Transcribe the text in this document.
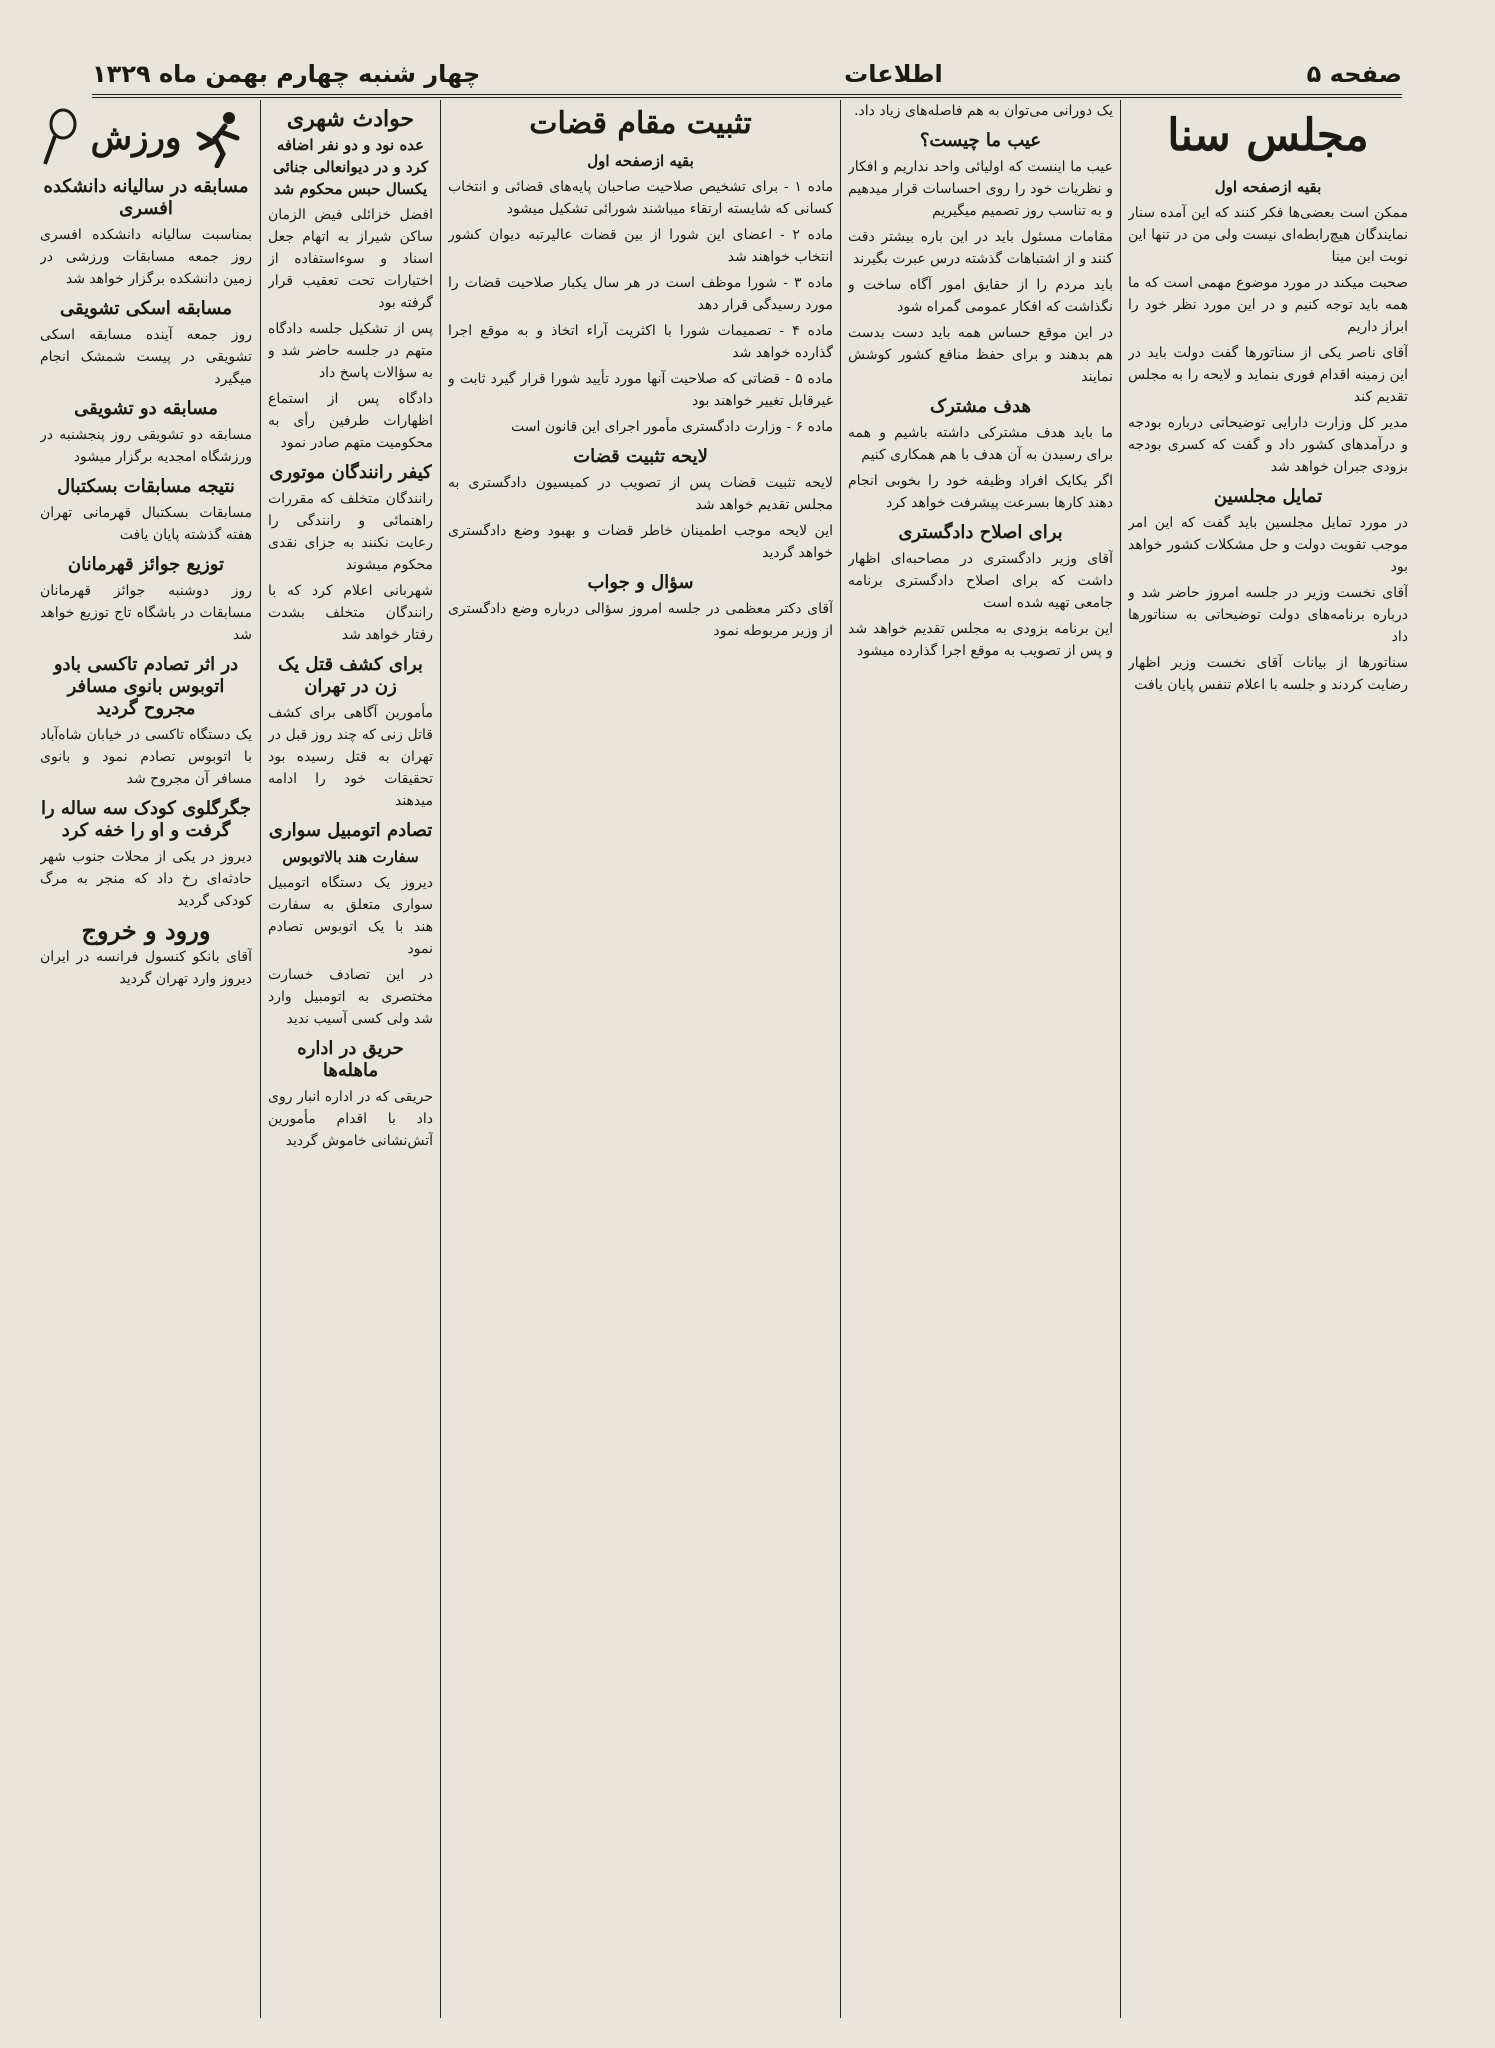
صفحه ۵
اطلاعات
چهار شنبه چهارم بهمن ماه ۱۳۲۹
مجلس سنا
بقیه ازصفحه اول

ممکن است بعضی‌ها فکر کنند که این آمده سنار نمایندگان هیچ‌رابطه‌ای نیست ولی من در تنها این نوبت ابن مینا

صحبت میکند در مورد موضوع مهمی است که ما همه باید توجه کنیم و در این مورد نظر خود را ابراز داریم

آقای ناصر یکی از سناتورها گفت دولت باید در این زمینه اقدام فوری بنماید و لایحه را به مجلس تقدیم کند

مدیر کل وزارت دارایی توضیحاتی درباره بودجه و درآمدهای کشور داد و گفت که کسری بودجه بزودی جبران خواهد شد

تمایل مجلسین

در مورد تمایل مجلسین باید گفت که این امر موجب تقویت دولت و حل مشکلات کشور خواهد بود

آقای نخست وزیر در جلسه امروز حاضر شد و درباره برنامه‌های دولت توضیحاتی به سناتورها داد

سناتورها از بیانات آقای نخست وزیر اظهار رضایت کردند و جلسه با اعلام تنفس پایان یافت

یک دورانی می‌توان به هم فاصله‌های زیاد داد.

عیب ما چیست؟

عیب ما اینست که اولیائی واحد نداریم و افکار و نظریات خود را روی احساسات قرار میدهیم و به تناسب روز تصمیم میگیریم

مقامات مسئول باید در این باره بیشتر دقت کنند و از اشتباهات گذشته درس عبرت بگیرند

باید مردم را از حقایق امور آگاه ساخت و نگذاشت که افکار عمومی گمراه شود

در این موقع حساس همه باید دست بدست هم بدهند و برای حفظ منافع کشور کوشش نمایند

هدف مشترک

ما باید هدف مشترکی داشته باشیم و همه برای رسیدن به آن هدف با هم همکاری کنیم

اگر یکایک افراد وظیفه خود را بخوبی انجام دهند کارها بسرعت پیشرفت خواهد کرد

برای اصلاح دادگستری

آقای وزیر دادگستری در مصاحبه‌ای اظهار داشت که برای اصلاح دادگستری برنامه جامعی تهیه شده است

این برنامه بزودی به مجلس تقدیم خواهد شد و پس از تصویب به موقع اجرا گذارده میشود

تثبیت مقام قضات
بقیه ازصفحه اول

ماده ۱ - برای تشخیص صلاحیت صاحبان پایه‌های قضائی و انتخاب کسانی که شایسته ارتقاء میباشند شورائی تشکیل میشود

ماده ۲ - اعضای این شورا از بین قضات عالیرتبه دیوان کشور انتخاب خواهند شد

ماده ۳ - شورا موظف است در هر سال یکبار صلاحیت قضات را مورد رسیدگی قرار دهد

ماده ۴ - تصمیمات شورا با اکثریت آراء اتخاذ و به موقع اجرا گذارده خواهد شد

ماده ۵ - قضاتی که صلاحیت آنها مورد تأیید شورا قرار گیرد ثابت و غیرقابل تغییر خواهند بود

ماده ۶ - وزارت دادگستری مأمور اجرای این قانون است

لایحه تثبیت قضات

لایحه تثبیت قضات پس از تصویب در کمیسیون دادگستری به مجلس تقدیم خواهد شد

این لایحه موجب اطمینان خاطر قضات و بهبود وضع دادگستری خواهد گردید

سؤال و جواب

آقای دکتر معظمی در جلسه امروز سؤالی درباره وضع دادگستری از وزیر مربوطه نمود

حوادث شهری
عده نود و دو نفر اضافه کرد و در دیوانعالی جنائی یکسال حبس محکوم شد

افضل خزائلی فیض الزمان ساکن شیراز به اتهام جعل اسناد و سوءاستفاده از اختیارات تحت تعقیب قرار گرفته بود

پس از تشکیل جلسه دادگاه متهم در جلسه حاضر شد و به سؤالات پاسخ داد

دادگاه پس از استماع اظهارات طرفین رأی به محکومیت متهم صادر نمود

کیفر رانندگان موتوری

رانندگان متخلف که مقررات راهنمائی و رانندگی را رعایت نکنند به جزای نقدی محکوم میشوند

شهربانی اعلام کرد که با رانندگان متخلف بشدت رفتار خواهد شد

برای کشف قتل یک زن در تهران

مأمورین آگاهی برای کشف قاتل زنی که چند روز قبل در تهران به قتل رسیده بود تحقیقات خود را ادامه میدهند

تصادم اتومبیل سواری
سفارت هند بالاتوبوس

دیروز یک دستگاه اتومبیل سواری متعلق به سفارت هند با یک اتوبوس تصادم نمود

در این تصادف خسارت مختصری به اتومبیل وارد شد ولی کسی آسیب ندید

حریق در اداره ماهله‌ها

حریقی که در اداره انبار روی داد با اقدام مأمورین آتش‌نشانی خاموش گردید

ورزش
مسابقه در سالیانه دانشکده افسری

بمناسبت سالیانه دانشکده افسری روز جمعه مسابقات ورزشی در زمین دانشکده برگزار خواهد شد

مسابقه اسکی تشویقی

روز جمعه آینده مسابقه اسکی تشویقی در پیست شمشک انجام میگیرد

مسابقه دو تشویقی

مسابقه دو تشویقی روز پنجشنبه در ورزشگاه امجدیه برگزار میشود

نتیجه مسابقات بسکتبال

مسابقات بسکتبال قهرمانی تهران هفته گذشته پایان یافت

توزیع جوائز قهرمانان

روز دوشنبه جوائز قهرمانان مسابقات در باشگاه تاج توزیع خواهد شد

در اثر تصادم تاکسی بادو اتوبوس بانوی مسافر مجروح گردید

یک دستگاه تاکسی در خیابان شاه‌آباد با اتوبوس تصادم نمود و بانوی مسافر آن مجروح شد

جگرگلوی کودک سه ساله را گرفت و او را خفه کرد

دیروز در یکی از محلات جنوب شهر حادثه‌ای رخ داد که منجر به مرگ کودکی گردید

ورود و خروج

آقای بانکو کنسول فرانسه در ایران دیروز وارد تهران گردید
